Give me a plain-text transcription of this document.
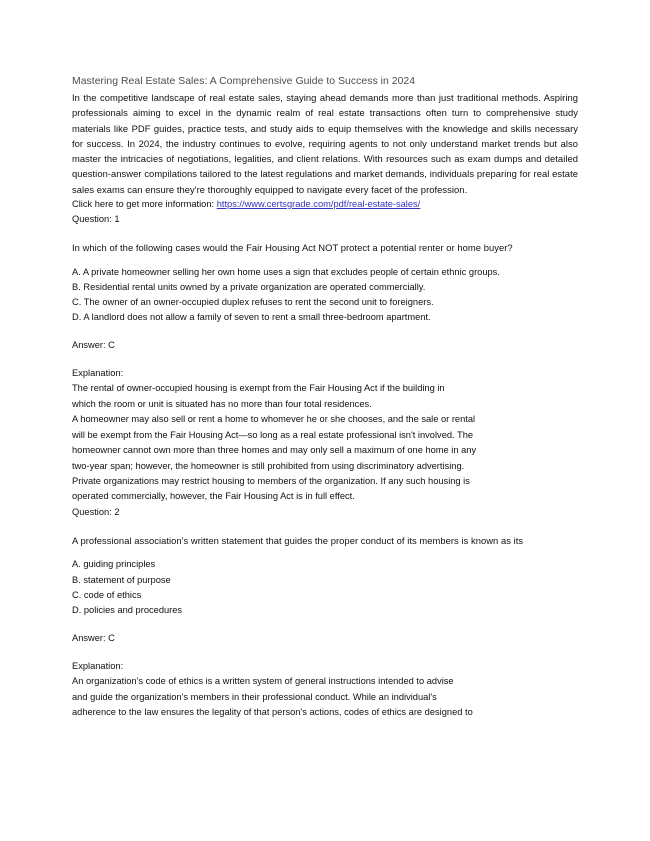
Mastering Real Estate Sales: A Comprehensive Guide to Success in 2024

In the competitive landscape of real estate sales, staying ahead demands more than just traditional methods. Aspiring professionals aiming to excel in the dynamic realm of real estate transactions often turn to comprehensive study materials like PDF guides, practice tests, and study aids to equip themselves with the knowledge and skills necessary for success. In 2024, the industry continues to evolve, requiring agents to not only understand market trends but also master the intricacies of negotiations, legalities, and client relations. With resources such as exam dumps and detailed question-answer compilations tailored to the latest regulations and market demands, individuals preparing for real estate sales exams can ensure they're thoroughly equipped to navigate every facet of the profession.

Click here to get more information: https://www.certsgrade.com/pdf/real-estate-sales/

Question: 1

In which of the following cases would the Fair Housing Act NOT protect a potential renter or home buyer?

A. A private homeowner selling her own home uses a sign that excludes people of certain ethnic groups.
B. Residential rental units owned by a private organization are operated commercially.
C. The owner of an owner-occupied duplex refuses to rent the second unit to foreigners.
D. A landlord does not allow a family of seven to rent a small three-bedroom apartment.
Answer: C
Explanation:
The rental of owner-occupied housing is exempt from the Fair Housing Act if the building in
which the room or unit is situated has no more than four total residences.
A homeowner may also sell or rent a home to whomever he or she chooses, and the sale or rental
will be exempt from the Fair Housing Act—so long as a real estate professional isn't involved. The
homeowner cannot own more than three homes and may only sell a maximum of one home in any
two-year span; however, the homeowner is still prohibited from using discriminatory advertising.
Private organizations may restrict housing to members of the organization. If any such housing is
operated commercially, however, the Fair Housing Act is in full effect.
Question: 2

A professional association's written statement that guides the proper conduct of its members is known as its

A. guiding principles
B. statement of purpose
C. code of ethics
D. policies and procedures
Answer: C
Explanation:
An organization's code of ethics is a written system of general instructions intended to advise
and guide the organization's members in their professional conduct. While an individual's
adherence to the law ensures the legality of that person's actions, codes of ethics are designed to
